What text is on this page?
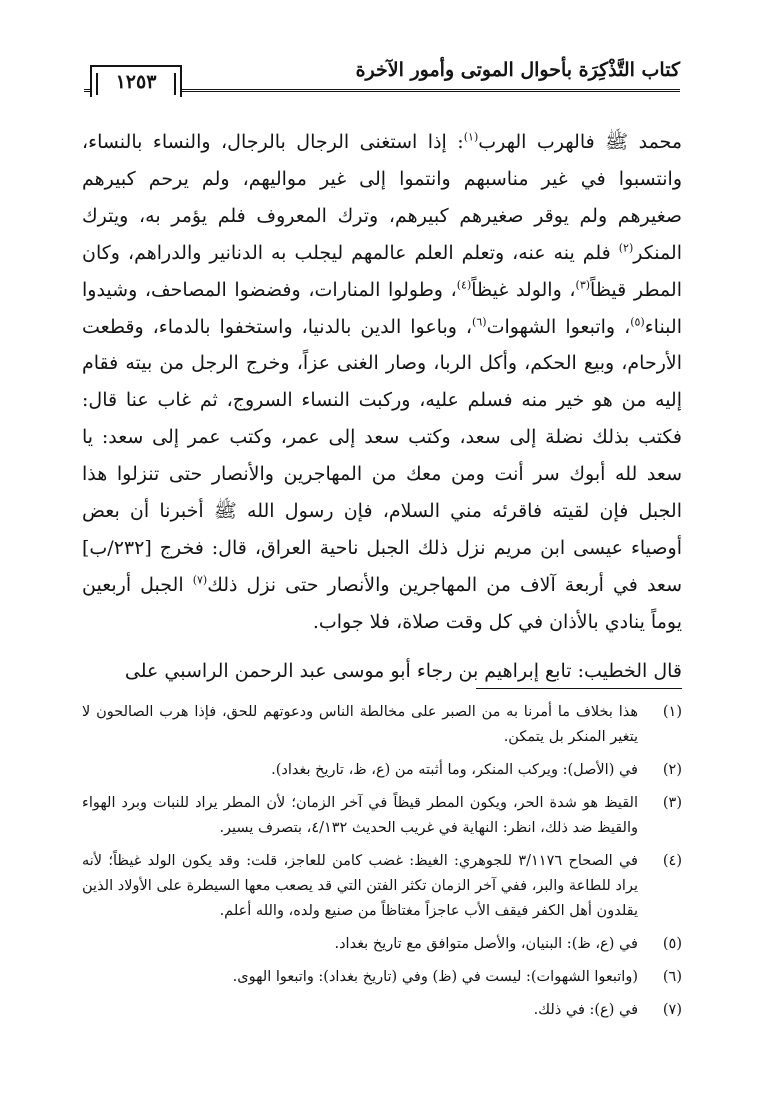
كتاب التَّذْكِرَة بأحوال الموتى وأمور الآخرة
١٢٥٣

محمد ﷺ فالهرب الهرب$^{(١)}$: إذا استغنى الرجال بالرجال، والنساء بالنساء، وانتسبوا في غير مناسبهم وانتموا إلى غير مواليهم، ولم يرحم كبيرهم صغيرهم ولم يوقر صغيرهم كبيرهم، وترك المعروف فلم يؤمر به، ويترك المنكر$^{(٢)}$ فلم ينه عنه، وتعلم العلم عالمهم ليجلب به الدنانير والدراهم، وكان المطر قيظاً$^{(٣)}$، والولد غيظاً$^{(٤)}$، وطولوا المنارات، وفضضوا المصاحف، وشيدوا البناء$^{(٥)}$، واتبعوا الشهوات$^{(٦)}$، وباعوا الدين بالدنيا، واستخفوا بالدماء، وقطعت الأرحام، وبيع الحكم، وأكل الربا، وصار الغنى عزاً، وخرج الرجل من بيته فقام إليه من هو خير منه فسلم عليه، وركبت النساء السروج، ثم غاب عنا قال: فكتب بذلك نضلة إلى سعد، وكتب سعد إلى عمر، وكتب عمر إلى سعد: يا سعد لله أبوك سر أنت ومن معك من المهاجرين والأنصار حتى تنزلوا هذا الجبل فإن لقيته فاقرئه مني السلام، فإن رسول الله ﷺ أخبرنا أن بعض أوصياء عيسى ابن مريم نزل ذلك الجبل ناحية العراق، قال: فخرج [٢٣٢/ب] سعد في أربعة آلاف من المهاجرين والأنصار حتى نزل ذلك$^{(٧)}$ الجبل أربعين يوماً ينادي بالأذان في كل وقت صلاة، فلا جواب.

قال الخطيب: تابع إبراهيم بن رجاء أبو موسى عبد الرحمن الراسبي على

(١)
هذا بخلاف ما أمرنا به من الصبر على مخالطة الناس ودعوتهم للحق، فإذا هرب الصالحون لا يتغير المنكر بل يتمكن.
(٢)
في (الأصل): ويركب المنكر، وما أثبته من (ع، ظ، تاريخ بغداد).
(٣)
القيظ هو شدة الحر، ويكون المطر قيظاً في آخر الزمان؛ لأن المطر يراد للنبات وبرد الهواء والقيظ ضد ذلك، انظر: النهاية في غريب الحديث ٤/١٣٢، بتصرف يسير.
(٤)
في الصحاح ٣/١١٧٦ للجوهري: الغيظ: غضب كامن للعاجز، قلت: وقد يكون الولد غيظاً؛ لأنه يراد للطاعة والبر، ففي آخر الزمان تكثر الفتن التي قد يصعب معها السيطرة على الأولاد الذين يقلدون أهل الكفر فيقف الأب عاجزاً مغتاظاً من صنيع ولده، والله أعلم.
(٥)
في (ع، ظ): البنيان، والأصل متوافق مع تاريخ بغداد.
(٦)
(واتبعوا الشهوات): ليست في (ظ) وفي (تاريخ بغداد): واتبعوا الهوى.
(٧)
في (ع): في ذلك.
